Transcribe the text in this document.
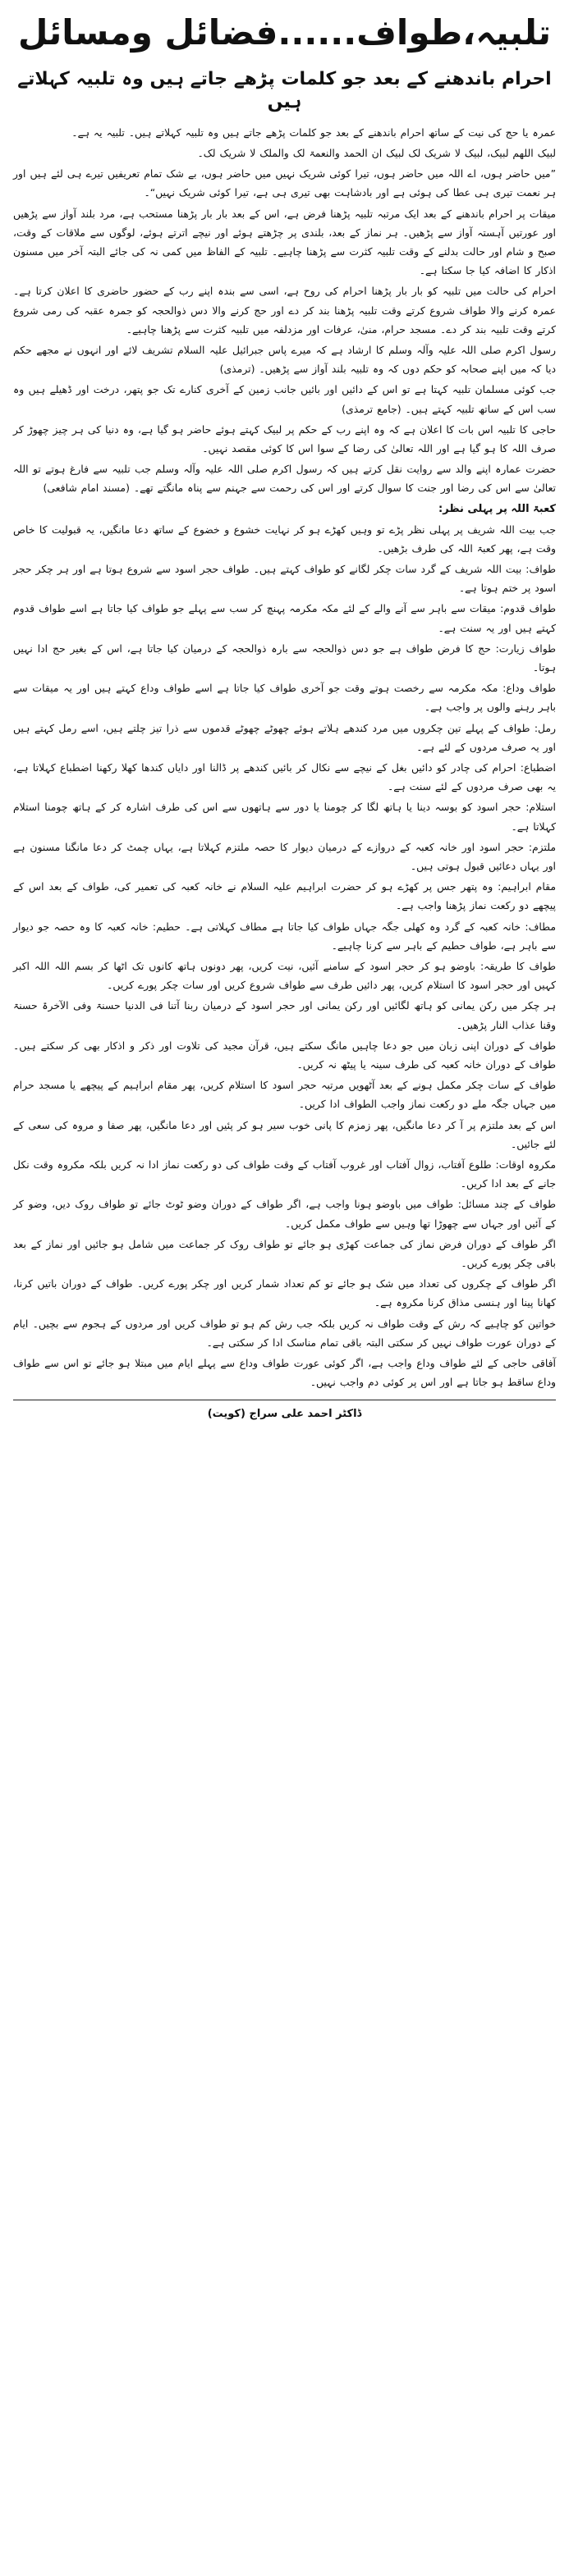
تلبیہ،طواف......فضائل ومسائل
احرام باندھنے کے بعد جو کلمات پڑھے جاتے ہیں وہ تلبیہ کہلاتے ہیں

عمرہ یا حج کی نیت کے ساتھ احرام باندھنے کے بعد جو کلمات پڑھے جاتے ہیں وہ تلبیہ کہلاتے ہیں۔ تلبیہ یہ ہے۔

لبیک اللھم لبیک، لبیک لا شریک لک لبیک ان الحمد والنعمۃ لک والملک لا شریک لک۔

”میں حاضر ہوں، اے اللہ میں حاضر ہوں، تیرا کوئی شریک نہیں میں حاضر ہوں، بے شک تمام تعریفیں تیرے ہی لئے ہیں اور ہر نعمت تیری ہی عطا کی ہوئی ہے اور بادشاہت بھی تیری ہی ہے، تیرا کوئی شریک نہیں“۔

میقات پر احرام باندھنے کے بعد ایک مرتبہ تلبیہ پڑھنا فرض ہے، اس کے بعد بار بار پڑھنا مستحب ہے، مرد بلند آواز سے پڑھیں اور عورتیں آہستہ آواز سے پڑھیں۔ ہر نماز کے بعد، بلندی پر چڑھتے ہوئے اور نیچے اترتے ہوئے، لوگوں سے ملاقات کے وقت، صبح و شام اور حالت بدلنے کے وقت تلبیہ کثرت سے پڑھنا چاہیے۔ تلبیہ کے الفاظ میں کمی نہ کی جائے البتہ آخر میں مسنون اذکار کا اضافہ کیا جا سکتا ہے۔

احرام کی حالت میں تلبیہ کو بار بار پڑھنا احرام کی روح ہے، اسی سے بندہ اپنے رب کے حضور حاضری کا اعلان کرتا ہے۔ عمرہ کرنے والا طواف شروع کرتے وقت تلبیہ پڑھنا بند کر دے اور حج کرنے والا دس ذوالحجہ کو جمرہ عقبہ کی رمی شروع کرتے وقت تلبیہ بند کر دے۔ مسجد حرام، منیٰ، عرفات اور مزدلفہ میں تلبیہ کثرت سے پڑھنا چاہیے۔

رسول اکرم صلی اللہ علیہ وآلہ وسلم کا ارشاد ہے کہ میرے پاس جبرائیل علیہ السلام تشریف لائے اور انہوں نے مجھے حکم دیا کہ میں اپنے صحابہ کو حکم دوں کہ وہ تلبیہ بلند آواز سے پڑھیں۔ (ترمذی)

جب کوئی مسلمان تلبیہ کہتا ہے تو اس کے دائیں اور بائیں جانب زمین کے آخری کنارے تک جو پتھر، درخت اور ڈھیلے ہیں وہ سب اس کے ساتھ تلبیہ کہتے ہیں۔ (جامع ترمذی)

حاجی کا تلبیہ اس بات کا اعلان ہے کہ وہ اپنے رب کے حکم پر لبیک کہتے ہوئے حاضر ہو گیا ہے، وہ دنیا کی ہر چیز چھوڑ کر صرف اللہ کا ہو گیا ہے اور اللہ تعالیٰ کی رضا کے سوا اس کا کوئی مقصد نہیں۔

حضرت عمارہ اپنے والد سے روایت نقل کرتے ہیں کہ رسول اکرم صلی اللہ علیہ وآلہ وسلم جب تلبیہ سے فارغ ہوتے تو اللہ تعالیٰ سے اس کی رضا اور جنت کا سوال کرتے اور اس کی رحمت سے جہنم سے پناہ مانگتے تھے۔ (مسند امام شافعی)

کعبۃ اللہ پر پہلی نظر:

جب بیت اللہ شریف پر پہلی نظر پڑے تو وہیں کھڑے ہو کر نہایت خشوع و خضوع کے ساتھ دعا مانگیں، یہ قبولیت کا خاص وقت ہے، پھر کعبۃ اللہ کی طرف بڑھیں۔

طواف: بیت اللہ شریف کے گرد سات چکر لگانے کو طواف کہتے ہیں۔ طواف حجر اسود سے شروع ہوتا ہے اور ہر چکر حجر اسود پر ختم ہوتا ہے۔

طواف قدوم: میقات سے باہر سے آنے والے کے لئے مکہ مکرمہ پہنچ کر سب سے پہلے جو طواف کیا جاتا ہے اسے طواف قدوم کہتے ہیں اور یہ سنت ہے۔

طواف زیارت: حج کا فرض طواف ہے جو دس ذوالحجہ سے بارہ ذوالحجہ کے درمیان کیا جاتا ہے، اس کے بغیر حج ادا نہیں ہوتا۔

طواف وداع: مکہ مکرمہ سے رخصت ہوتے وقت جو آخری طواف کیا جاتا ہے اسے طواف وداع کہتے ہیں اور یہ میقات سے باہر رہنے والوں پر واجب ہے۔

رمل: طواف کے پہلے تین چکروں میں مرد کندھے ہلاتے ہوئے چھوٹے چھوٹے قدموں سے ذرا تیز چلتے ہیں، اسے رمل کہتے ہیں اور یہ صرف مردوں کے لئے ہے۔

اضطباع: احرام کی چادر کو دائیں بغل کے نیچے سے نکال کر بائیں کندھے پر ڈالنا اور دایاں کندھا کھلا رکھنا اضطباع کہلاتا ہے، یہ بھی صرف مردوں کے لئے سنت ہے۔

استلام: حجر اسود کو بوسہ دینا یا ہاتھ لگا کر چومنا یا دور سے ہاتھوں سے اس کی طرف اشارہ کر کے ہاتھ چومنا استلام کہلاتا ہے۔

ملتزم: حجر اسود اور خانہ کعبہ کے دروازے کے درمیان دیوار کا حصہ ملتزم کہلاتا ہے، یہاں چمٹ کر دعا مانگنا مسنون ہے اور یہاں دعائیں قبول ہوتی ہیں۔

مقام ابراہیم: وہ پتھر جس پر کھڑے ہو کر حضرت ابراہیم علیہ السلام نے خانہ کعبہ کی تعمیر کی، طواف کے بعد اس کے پیچھے دو رکعت نماز پڑھنا واجب ہے۔

مطاف: خانہ کعبہ کے گرد وہ کھلی جگہ جہاں طواف کیا جاتا ہے مطاف کہلاتی ہے۔ حطیم: خانہ کعبہ کا وہ حصہ جو دیوار سے باہر ہے، طواف حطیم کے باہر سے کرنا چاہیے۔

طواف کا طریقہ: باوضو ہو کر حجر اسود کے سامنے آئیں، نیت کریں، پھر دونوں ہاتھ کانوں تک اٹھا کر بسم اللہ اللہ اکبر کہیں اور حجر اسود کا استلام کریں، پھر دائیں طرف سے طواف شروع کریں اور سات چکر پورے کریں۔

ہر چکر میں رکن یمانی کو ہاتھ لگائیں اور رکن یمانی اور حجر اسود کے درمیان ربنا آتنا فی الدنیا حسنۃ وفی الآخرۃ حسنۃ وقنا عذاب النار پڑھیں۔

طواف کے دوران اپنی زبان میں جو دعا چاہیں مانگ سکتے ہیں، قرآن مجید کی تلاوت اور ذکر و اذکار بھی کر سکتے ہیں۔ طواف کے دوران خانہ کعبہ کی طرف سینہ یا پیٹھ نہ کریں۔

طواف کے سات چکر مکمل ہونے کے بعد آٹھویں مرتبہ حجر اسود کا استلام کریں، پھر مقام ابراہیم کے پیچھے یا مسجد حرام میں جہاں جگہ ملے دو رکعت نماز واجب الطواف ادا کریں۔

اس کے بعد ملتزم پر آ کر دعا مانگیں، پھر زمزم کا پانی خوب سیر ہو کر پئیں اور دعا مانگیں، پھر صفا و مروہ کی سعی کے لئے جائیں۔

مکروہ اوقات: طلوع آفتاب، زوال آفتاب اور غروب آفتاب کے وقت طواف کی دو رکعت نماز ادا نہ کریں بلکہ مکروہ وقت نکل جانے کے بعد ادا کریں۔

طواف کے چند مسائل: طواف میں باوضو ہونا واجب ہے، اگر طواف کے دوران وضو ٹوٹ جائے تو طواف روک دیں، وضو کر کے آئیں اور جہاں سے چھوڑا تھا وہیں سے طواف مکمل کریں۔

اگر طواف کے دوران فرض نماز کی جماعت کھڑی ہو جائے تو طواف روک کر جماعت میں شامل ہو جائیں اور نماز کے بعد باقی چکر پورے کریں۔

اگر طواف کے چکروں کی تعداد میں شک ہو جائے تو کم تعداد شمار کریں اور چکر پورے کریں۔ طواف کے دوران باتیں کرنا، کھانا پینا اور ہنسی مذاق کرنا مکروہ ہے۔

خواتین کو چاہیے کہ رش کے وقت طواف نہ کریں بلکہ جب رش کم ہو تو طواف کریں اور مردوں کے ہجوم سے بچیں۔ ایام کے دوران عورت طواف نہیں کر سکتی البتہ باقی تمام مناسک ادا کر سکتی ہے۔

آفاقی حاجی کے لئے طواف وداع واجب ہے، اگر کوئی عورت طواف وداع سے پہلے ایام میں مبتلا ہو جائے تو اس سے طواف وداع ساقط ہو جاتا ہے اور اس پر کوئی دم واجب نہیں۔

ڈاکٹر احمد علی سراج (کویت)
